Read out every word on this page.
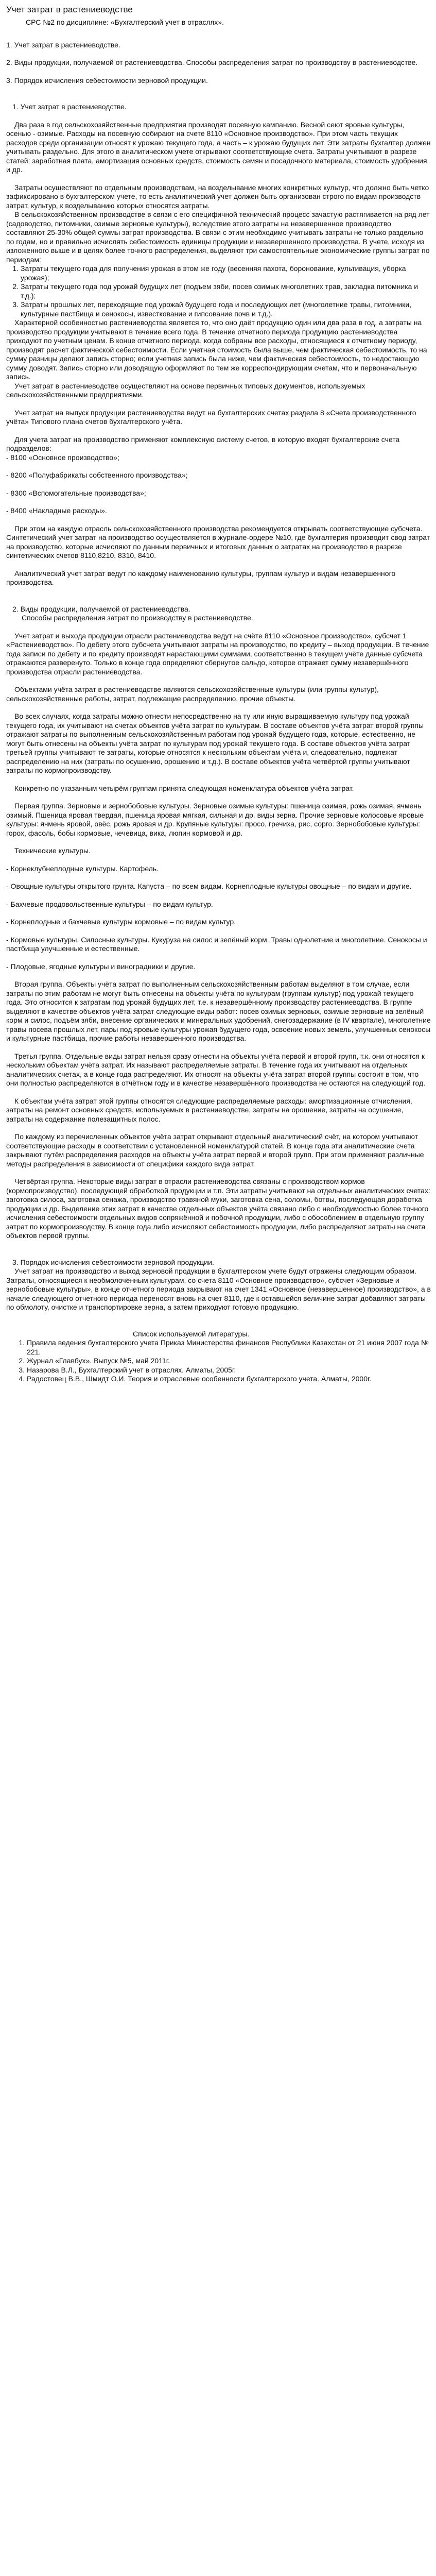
Учет затрат в растениеводстве

СРС №2 по дисциплине: «Бухгалтерский учет в отраслях».

1. Учет затрат в растениеводстве.

2. Виды продукции, получаемой от растениеводства. Способы распределения затрат по производству в растениеводстве.

3. Порядок исчисления себестоимости зерновой продукции.

1. Учет затрат в растениеводстве.

Два раза в год сельскохозяйственные предприятия производят посевную кампанию. Весной сеют яровые культуры, осенью - озимые. Расходы на посевную собирают на счете 8110 «Основное производство». При этом часть текущих расходов среди организации относят к урожаю текущего года, а часть – к урожаю будущих лет. Эти затраты бухгалтер должен учитывать раздельно. Для этого в аналитическом учете открывают соответствующие счета. Затраты учитывают в разрезе статей: заработная плата, амортизация основных средств, стоимость семян и посадочного материала, стоимость удобрения и др.

Затраты осуществляют по отдельным производствам, на возделывание многих конкретных культур, что должно быть четко зафиксировано в бухгалтерском учете, то есть аналитический учет должен быть организован строго по видам производств затрат, культур, к возделыванию которых относятся затраты.

В сельскохозяйственном производстве в связи с его специфичной технический процесс зачастую растягивается на ряд лет (садоводство, питомники, озимые зерновые культуры), вследствие этого затраты на незавершенное производство составляют 25-30% общей суммы затрат производства. В связи с этим необходимо учитывать затраты не только раздельно по годам, но и правильно исчислять себестоимость единицы продукции и незавершенного производства. В учете, исходя из изложенного выше и в целях более точного распределения, выделяют три самостоятельные экономические группы затрат по периодам:

1. Затраты текущего года для получения урожая в этом же году (весенняя пахота, боронование, культивация, уборка урожая);
2. Затраты текущего года под урожай будущих лет (подъем зяби, посев озимых многолетних трав, закладка питомника и т.д.);
3. Затраты прошлых лет, переходящие под урожай будущего года и последующих лет (многолетние травы, питомники, культурные пастбища и сенокосы, известкование и гипсование почв и т.д.).

Характерной особенностью растениеводства является то, что оно даёт продукцию один или два раза в год, а затраты на производство продукции учитывают в течение всего года. В течение отчетного периода продукцию растениеводства приходуют по учетным ценам. В конце отчетного периода, когда собраны все расходы, относящиеся к отчетному периоду, производят расчет фактической себестоимости. Если учетная стоимость была выше, чем фактическая себестоимость, то на сумму разницы делают запись сторно; если учетная запись была ниже, чем фактическая себестоимость, то недостающую сумму доводят. Запись сторно или доводящую оформляют по тем же корреспондирующим счетам, что и первоначальную запись.

Учет затрат в растениеводстве осуществляют на основе первичных типовых документов, используемых сельскохозяйственными предприятиями.

Учет затрат на выпуск продукции растениеводства ведут на бухгалтерских счетах раздела 8 «Счета производственного учёта» Типового плана счетов бухгалтерского учёта.

Для учета затрат на производство применяют комплексную систему счетов, в которую входят бухгалтерские счета подразделов:

- 8100 «Основное производство»;

- 8200 «Полуфабрикаты собственного производства»;

- 8300 «Вспомогательные производства»;

- 8400 «Накладные расходы».

При этом на каждую отрасль сельскохозяйственного производства рекомендуется открывать соответствующие субсчета. Синтетический учет затрат на производство осуществляется в журнале-ордере №10, где бухгалтерия производит свод затрат на производство, которые исчисляют по данным первичных и итоговых данных о затратах на производство в разрезе синтетических счетов 8110,8210, 8310, 8410.

Аналитический учет затрат ведут по каждому наименованию культуры, группам культур и видам незавершенного производства.

2. Виды продукции, получаемой от растениеводства.

Способы распределения затрат по производству в растениеводстве.

Учет затрат и выхода продукции отрасли растениеводства ведут на счёте 8110 «Основное производство», субсчет 1 «Растениеводство». По дебету этого субсчета учитывают затраты на производство, по кредиту – выход продукции. В течение года записи по дебету и по кредиту производят нарастающими суммами, соответственно в текущем учёте данные субсчета отражаются разверенуто. Только в конце года определяют сбернутое сальдо, которое отражает сумму незавершённого производства отрасли растениеводства.

Объектами учёта затрат в растениеводстве являются сельскохозяйственные культуры (или группы культур), сельскохозяйственные работы, затрат, подлежащие распределению, прочие объекты.

Во всех случаях, когда затраты можно отнести непосредственно на ту или иную выращиваемую культуру под урожай текущего года, их учитывают на счетах объектов учёта затрат по культурам. В составе объектов учёта затрат второй группы отражают затраты по выполненным сельскохозяйственным работам под урожай будущего года, которые, естественно, не могут быть отнесены на объекты учёта затрат по культурам под урожай текущего года. В составе объектов учёта затрат третьей группы учитывают те затраты, которые относятся к нескольким объектам учёта и, следовательно, подлежат распределению на них (затраты по осушению, орошению и т.д.). В составе объектов учёта четвёртой группы учитывают затраты по кормопроизводству.

Конкретно по указанным четырём группам принята следующая номенклатура объектов учёта затрат.

Первая группа. Зерновые и зернобобовые культуры. Зерновые озимые культуры: пшеница озимая, рожь озимая, ячмень озимый. Пшеница яровая твердая, пшеница яровая мягкая, сильная и др. виды зерна. Прочие зерновые колосовые яровые культуры: ячмень яровой, овёс, рожь яровая и др. Крупяные культуры: просо, гречиха, рис, сорго. Зернобобовые культуры: горох, фасоль, бобы кормовые, чечевица, вика, люпин кормовой и др.

Технические культуры.

- Корнеклубнеплодные культуры. Картофель.

- Овощные культуры открытого грунта. Капуста – по всем видам. Корнеплодные культуры овощные – по видам и другие.

- Бахчевые продовольственные культуры – по видам культур.

- Корнеплодные и бахчевые культуры кормовые – по видам культур.

- Кормовые культуры. Силосные культуры. Кукуруза на силос и зелёный корм. Травы однолетние и многолетние. Сенокосы и пастбища улучшенные и естественные.

- Плодовые, ягодные культуры и виноградники и другие.

Вторая группа. Объекты учёта затрат по выполненным сельскохозяйственным работам выделяют в том случае, если затраты по этим работам не могут быть отнесены на объекты учёта по культурам (группам культур) под урожай текущего года. Это относится к затратам под урожай будущих лет, т.е. к незавершённому производству растениеводства. В группе выделяют в качестве объектов учёта затрат следующие виды работ: посев озимых зерновых, озимые зерновые на зелёный корм и силос, подъём зяби, внесение органических и минеральных удобрений, снегозадержание (в IV квартале), многолетние травы посева прошлых лет, пары под яровые культуры урожая будущего года, освоение новых земель, улучшенных сенокосы и культурные пастбища, прочие работы незавершенного производства.

Третья группа. Отдельные виды затрат нельзя сразу отнести на объекты учёта первой и второй групп, т.к. они относятся к нескольким объектам учёта затрат. Их называют распределяемые затраты. В течение года их учитывают на отдельных аналитических счетах, а в конце года распределяют. Их относят на объекты учёта затрат второй группы состоит в том, что они полностью распределяются в отчётном году и в качестве незавершённого производства не остаются на следующий год.

К объектам учёта затрат этой группы относятся следующие распределяемые расходы: амортизационные отчисления, затраты на ремонт основных средств, используемых в растениеводстве, затраты на орошение, затраты на осушение, затраты на содержание полезащитных полос.

По каждому из перечисленных объектов учёта затрат открывают отдельный аналитический счёт, на котором учитывают соответствующие расходы в соответствии с установленной номенклатурой статей. В конце года эти аналитические счета закрывают путём распределения расходов на объекты учёта затрат первой и второй групп. При этом применяют различные методы распределения в зависимости от специфики каждого вида затрат.

Четвёртая группа. Некоторые виды затрат в отрасли растениеводства связаны с производством кормов (кормопроизводство), последующей обработкой продукции и т.п. Эти затраты учитывают на отдельных аналитических счетах: заготовка силоса, заготовка сенажа, производство травяной муки, заготовка сена, соломы, ботвы, последующая доработка продукции и др. Выделение этих затрат в качестве отдельных объектов учёта связано либо с необходимостью более точного исчисления себестоимости отдельных видов сопряжённой и побочной продукции, либо с обособлением в отдельную группу затрат по кормопроизводству. В конце года либо исчисляют себестоимость продукции, либо распределяют затраты на счета объектов первой группы.

3. Порядок исчисления себестоимости зерновой продукции.

Учет затрат на производство и выход зерновой продукции в бухгалтерском учете будут отражены следующим образом. Затраты, относящиеся к необмолоченным культурам, со счета 8110 «Основное производство», субсчет «Зерновые и зернобобовые культуры», в конце отчетного периода закрывают на счет 1341 «Основное (незавершенное) производство», а в начале следующего отчетного периода переносят вновь на счет 8110, где к оставшейся величине затрат добавляют затраты по обмолоту, очистке и транспортировке зерна, а затем приходуют готовую продукцию.

Список используемой литературы.

1. Правила ведения бухгалтерского учета Приказ Министерства финансов Республики Казахстан от 21 июня 2007 года № 221.
2. Журнал «Главбух». Выпуск №5, май 2011г.
3. Назарова В.Л., Бухгалтерский учет в отраслях. Алматы, 2005г.
4. Радостовец В.В., Шмидт О.И. Теория и отраслевые особенности бухгалтерского учета. Алматы, 2000г.
